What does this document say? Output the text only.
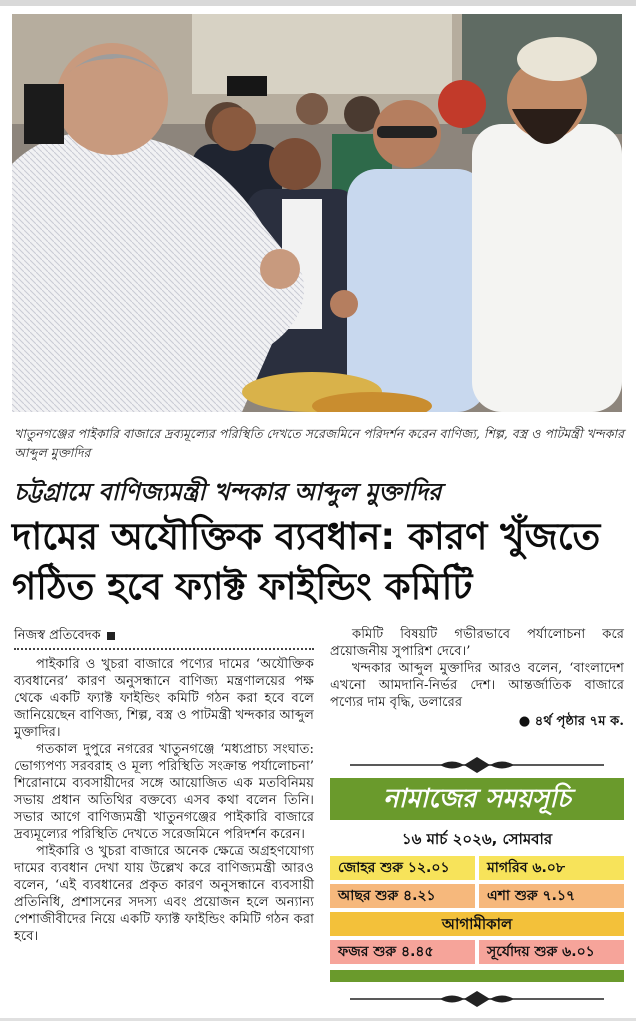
খাতুনগঞ্জের পাইকারি বাজারে দ্রব্যমূল্যের পরিস্থিতি দেখতে সরেজমিনে পরিদর্শন করেন বাণিজ্য, শিল্প, বস্ত্র ও পাটমন্ত্রী খন্দকার আব্দুল মুক্তাদির
চট্টগ্রামে বাণিজ্যমন্ত্রী খন্দকার আব্দুল মুক্তাদির
দামের অযৌক্তিক ব্যবধান: কারণ খুঁজতে
গঠিত হবে ফ্যাক্ট ফাইন্ডিং কমিটি
নিজস্ব প্রতিবেদক

পাইকারি ও খুচরা বাজারে পণ্যের দামের ‘অযৌক্তিক ব্যবধানের’ কারণ অনুসন্ধানে বাণিজ্য মন্ত্রণালয়ের পক্ষ থেকে একটি ফ্যাক্ট ফাইন্ডিং কমিটি গঠন করা হবে বলে জানিয়েছেন বাণিজ্য, শিল্প, বস্ত্র ও পাটমন্ত্রী খন্দকার আব্দুল মুক্তাদির।

গতকাল দুপুরে নগরের খাতুনগঞ্জে ‘মধ্যপ্রাচ্য সংঘাত: ভোগ্যপণ্য সরবরাহ ও মূল্য পরিস্থিতি সংক্রান্ত পর্যালোচনা’ শিরোনামে ব্যবসায়ীদের সঙ্গে আয়োজিত এক মতবিনিময় সভায় প্রধান অতিথির বক্তব্যে এসব কথা বলেন তিনি। সভার আগে বাণিজ্যমন্ত্রী খাতুনগঞ্জের পাইকারি বাজারে দ্রব্যমূল্যের পরিস্থিতি দেখতে সরেজমিনে পরিদর্শন করেন।

পাইকারি ও খুচরা বাজারে অনেক ক্ষেত্রে অগ্রহণযোগ্য দামের ব্যবধান দেখা যায় উল্লেখ করে বাণিজ্যমন্ত্রী আরও বলেন, ‘এই ব্যবধানের প্রকৃত কারণ অনুসন্ধানে ব্যবসায়ী প্রতিনিধি, প্রশাসনের সদস্য এবং প্রয়োজন হলে অন্যান্য পেশাজীবীদের নিয়ে একটি ফ্যাক্ট ফাইন্ডিং কমিটি গঠন করা হবে।

কমিটি বিষয়টি গভীরভাবে পর্যালোচনা করে প্রয়োজনীয় সুপারিশ দেবে।’

খন্দকার আব্দুল মুক্তাদির আরও বলেন, ‘বাংলাদেশ এখনো আমদানি-নির্ভর দেশ। আন্তর্জাতিক বাজারে পণ্যের দাম বৃদ্ধি, ডলারের

● ৪র্থ পৃষ্ঠার ৭ম ক.
নামাজের সময়সূচি
১৬ মার্চ ২০২৬, সোমবার
জোহর শুরু ১২.০১	মাগরিব ৬.০৮
আছর শুরু ৪.২১	এশা শুরু ৭.১৭
আগামীকাল
ফজর শুরু ৪.৪৫	সূর্যোদয় শুরু ৬.০১
